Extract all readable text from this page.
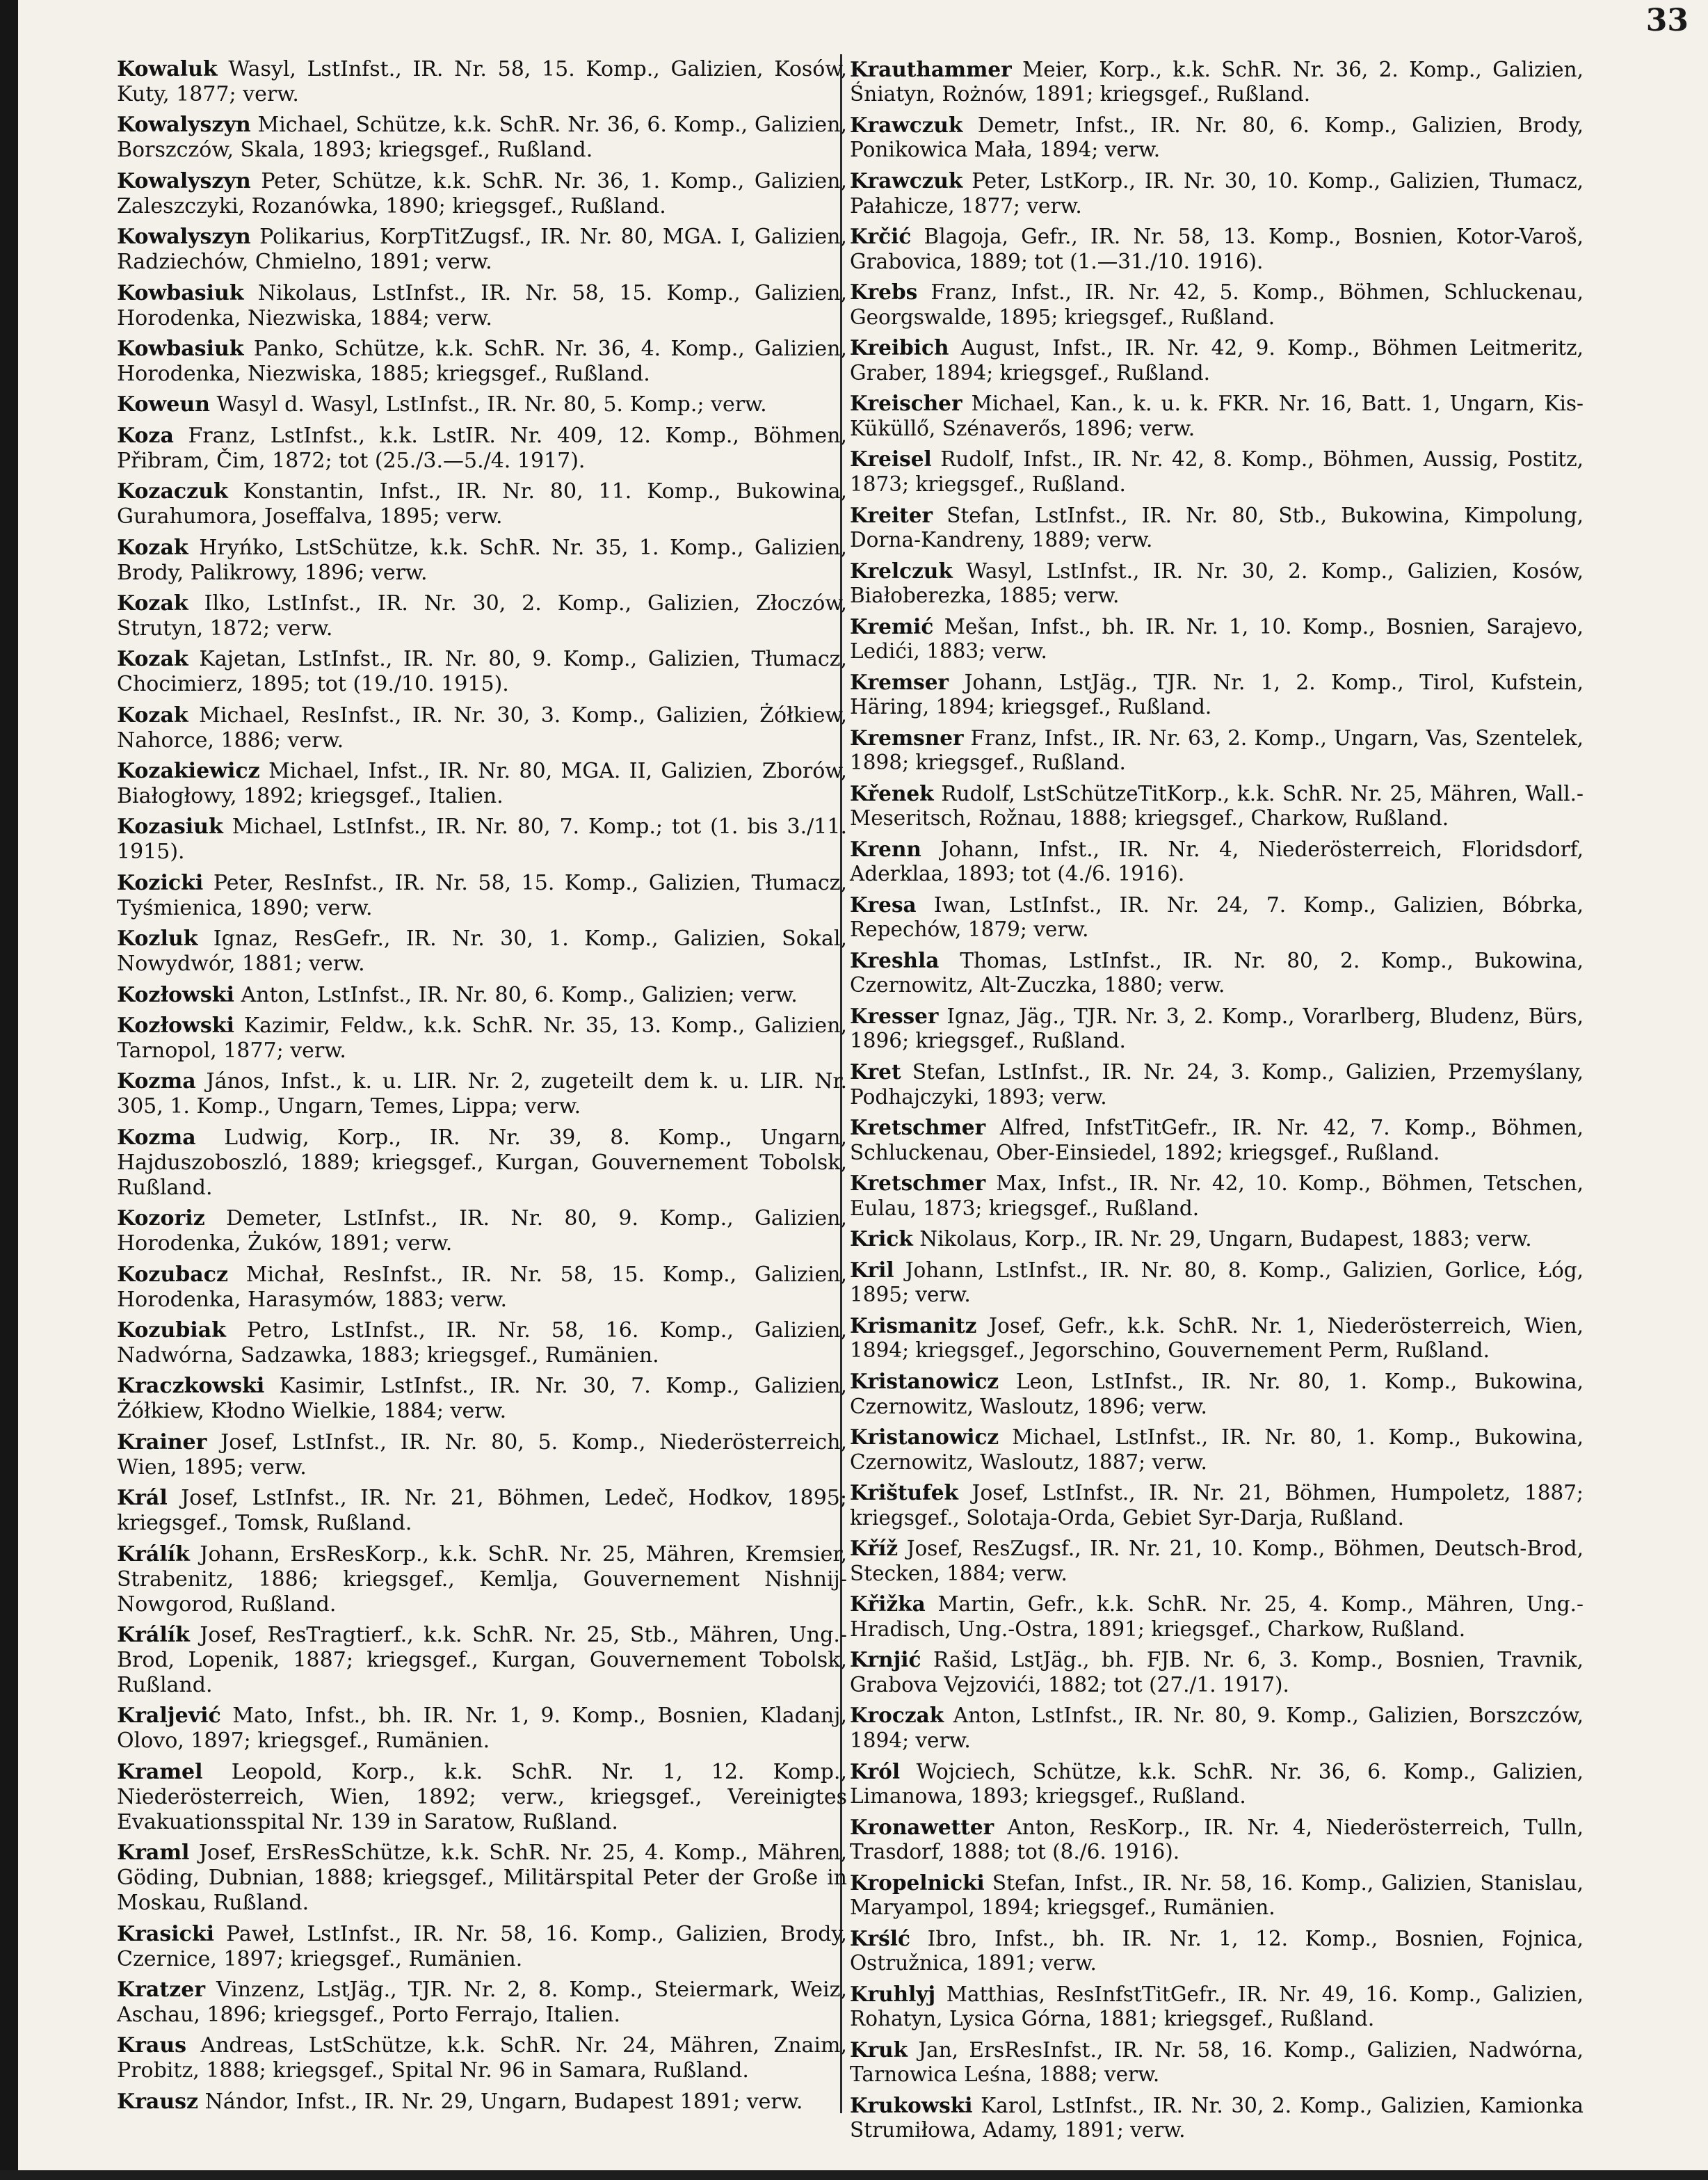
33

Kowaluk Wasyl, LstInfst., IR. Nr. 58, 15. Komp., Galizien, Kosów, Kuty, 1877; verw.

Kowalyszyn Michael, Schütze, k.k. SchR. Nr. 36, 6. Komp., Galizien, Borszczów, Skala, 1893; kriegsgef., Rußland.

Kowalyszyn Peter, Schütze, k.k. SchR. Nr. 36, 1. Komp., Galizien, Zaleszczyki, Rozanówka, 1890; kriegsgef., Rußland.

Kowalyszyn Polikarius, KorpTitZugsf., IR. Nr. 80, MGA. I, Galizien, Radziechów, Chmielno, 1891; verw.

Kowbasiuk Nikolaus, LstInfst., IR. Nr. 58, 15. Komp., Galizien, Horodenka, Niezwiska, 1884; verw.

Kowbasiuk Panko, Schütze, k.k. SchR. Nr. 36, 4. Komp., Galizien, Horodenka, Niezwiska, 1885; kriegsgef., Rußland.

Koweun Wasyl d. Wasyl, LstInfst., IR. Nr. 80, 5. Komp.; verw.

Koza Franz, LstInfst., k.k. LstIR. Nr. 409, 12. Komp., Böhmen, Přibram, Čim, 1872; tot (25./3.—5./4. 1917).

Kozaczuk Konstantin, Infst., IR. Nr. 80, 11. Komp., Bukowina, Gurahumora, Joseffalva, 1895; verw.

Kozak Hryńko, LstSchütze, k.k. SchR. Nr. 35, 1. Komp., Galizien, Brody, Palikrowy, 1896; verw.

Kozak Ilko, LstInfst., IR. Nr. 30, 2. Komp., Galizien, Złoczów, Strutyn, 1872; verw.

Kozak Kajetan, LstInfst., IR. Nr. 80, 9. Komp., Galizien, Tłumacz, Chocimierz, 1895; tot (19./10. 1915).

Kozak Michael, ResInfst., IR. Nr. 30, 3. Komp., Galizien, Żółkiew, Nahorce, 1886; verw.

Kozakiewicz Michael, Infst., IR. Nr. 80, MGA. II, Galizien, Zborów, Białogłowy, 1892; kriegsgef., Italien.

Kozasiuk Michael, LstInfst., IR. Nr. 80, 7. Komp.; tot (1. bis 3./11. 1915).

Kozicki Peter, ResInfst., IR. Nr. 58, 15. Komp., Galizien, Tłumacz, Tyśmienica, 1890; verw.

Kozluk Ignaz, ResGefr., IR. Nr. 30, 1. Komp., Galizien, Sokal, Nowydwór, 1881; verw.

Kozłowski Anton, LstInfst., IR. Nr. 80, 6. Komp., Galizien; verw.

Kozłowski Kazimir, Feldw., k.k. SchR. Nr. 35, 13. Komp., Galizien, Tarnopol, 1877; verw.

Kozma János, Infst., k. u. LIR. Nr. 2, zugeteilt dem k. u. LIR. Nr. 305, 1. Komp., Ungarn, Temes, Lippa; verw.

Kozma Ludwig, Korp., IR. Nr. 39, 8. Komp., Ungarn, Hajduszoboszló, 1889; kriegsgef., Kurgan, Gouvernement Tobolsk, Rußland.

Kozoriz Demeter, LstInfst., IR. Nr. 80, 9. Komp., Galizien, Horodenka, Żuków, 1891; verw.

Kozubacz Michał, ResInfst., IR. Nr. 58, 15. Komp., Galizien, Horodenka, Harasymów, 1883; verw.

Kozubiak Petro, LstInfst., IR. Nr. 58, 16. Komp., Galizien, Nadwórna, Sadzawka, 1883; kriegsgef., Rumänien.

Kraczkowski Kasimir, LstInfst., IR. Nr. 30, 7. Komp., Galizien, Żółkiew, Kłodno Wielkie, 1884; verw.

Krainer Josef, LstInfst., IR. Nr. 80, 5. Komp., Niederösterreich, Wien, 1895; verw.

Král Josef, LstInfst., IR. Nr. 21, Böhmen, Ledeč, Hodkov, 1895; kriegsgef., Tomsk, Rußland.

Králík Johann, ErsResKorp., k.k. SchR. Nr. 25, Mähren, Kremsier, Strabenitz, 1886; kriegsgef., Kemlja, Gouvernement Nishnij-Nowgorod, Rußland.

Králík Josef, ResTragtierf., k.k. SchR. Nr. 25, Stb., Mähren, Ung.-Brod, Lopenik, 1887; kriegsgef., Kurgan, Gouvernement Tobolsk, Rußland.

Kraljević Mato, Infst., bh. IR. Nr. 1, 9. Komp., Bosnien, Kladanj, Olovo, 1897; kriegsgef., Rumänien.

Kramel Leopold, Korp., k.k. SchR. Nr. 1, 12. Komp., Niederösterreich, Wien, 1892; verw., kriegsgef., Vereinigtes Evakuationsspital Nr. 139 in Saratow, Rußland.

Kraml Josef, ErsResSchütze, k.k. SchR. Nr. 25, 4. Komp., Mähren, Göding, Dubnian, 1888; kriegsgef., Militärspital Peter der Große in Moskau, Rußland.

Krasicki Paweł, LstInfst., IR. Nr. 58, 16. Komp., Galizien, Brody, Czernice, 1897; kriegsgef., Rumänien.

Kratzer Vinzenz, LstJäg., TJR. Nr. 2, 8. Komp., Steiermark, Weiz, Aschau, 1896; kriegsgef., Porto Ferrajo, Italien.

Kraus Andreas, LstSchütze, k.k. SchR. Nr. 24, Mähren, Znaim, Probitz, 1888; kriegsgef., Spital Nr. 96 in Samara, Rußland.

Krausz Nándor, Infst., IR. Nr. 29, Ungarn, Budapest 1891; verw.

Krauthammer Meier, Korp., k.k. SchR. Nr. 36, 2. Komp., Galizien, Śniatyn, Rożnów, 1891; kriegsgef., Rußland.

Krawczuk Demetr, Infst., IR. Nr. 80, 6. Komp., Galizien, Brody, Ponikowica Mała, 1894; verw.

Krawczuk Peter, LstKorp., IR. Nr. 30, 10. Komp., Galizien, Tłumacz, Pałahicze, 1877; verw.

Krčić Blagoja, Gefr., IR. Nr. 58, 13. Komp., Bosnien, Kotor-Varoš, Grabovica, 1889; tot (1.—31./10. 1916).

Krebs Franz, Infst., IR. Nr. 42, 5. Komp., Böhmen, Schluckenau, Georgswalde, 1895; kriegsgef., Rußland.

Kreibich August, Infst., IR. Nr. 42, 9. Komp., Böhmen Leitmeritz, Graber, 1894; kriegsgef., Rußland.

Kreischer Michael, Kan., k. u. k. FKR. Nr. 16, Batt. 1, Ungarn, Kis-Küküllő, Szénaverős, 1896; verw.

Kreisel Rudolf, Infst., IR. Nr. 42, 8. Komp., Böhmen, Aussig, Postitz, 1873; kriegsgef., Rußland.

Kreiter Stefan, LstInfst., IR. Nr. 80, Stb., Bukowina, Kimpolung, Dorna-Kandreny, 1889; verw.

Krelczuk Wasyl, LstInfst., IR. Nr. 30, 2. Komp., Galizien, Kosów, Białoberezka, 1885; verw.

Kremić Mešan, Infst., bh. IR. Nr. 1, 10. Komp., Bosnien, Sarajevo, Ledići, 1883; verw.

Kremser Johann, LstJäg., TJR. Nr. 1, 2. Komp., Tirol, Kufstein, Häring, 1894; kriegsgef., Rußland.

Kremsner Franz, Infst., IR. Nr. 63, 2. Komp., Ungarn, Vas, Szentelek, 1898; kriegsgef., Rußland.

Křenek Rudolf, LstSchützeTitKorp., k.k. SchR. Nr. 25, Mähren, Wall.-Meseritsch, Rožnau, 1888; kriegsgef., Charkow, Rußland.

Krenn Johann, Infst., IR. Nr. 4, Niederösterreich, Floridsdorf, Aderklaa, 1893; tot (4./6. 1916).

Kresa Iwan, LstInfst., IR. Nr. 24, 7. Komp., Galizien, Bóbrka, Repechów, 1879; verw.

Kreshla Thomas, LstInfst., IR. Nr. 80, 2. Komp., Bukowina, Czernowitz, Alt-Zuczka, 1880; verw.

Kresser Ignaz, Jäg., TJR. Nr. 3, 2. Komp., Vorarlberg, Bludenz, Bürs, 1896; kriegsgef., Rußland.

Kret Stefan, LstInfst., IR. Nr. 24, 3. Komp., Galizien, Przemyślany, Podhajczyki, 1893; verw.

Kretschmer Alfred, InfstTitGefr., IR. Nr. 42, 7. Komp., Böhmen, Schluckenau, Ober-Einsiedel, 1892; kriegsgef., Rußland.

Kretschmer Max, Infst., IR. Nr. 42, 10. Komp., Böhmen, Tetschen, Eulau, 1873; kriegsgef., Rußland.

Krick Nikolaus, Korp., IR. Nr. 29, Ungarn, Budapest, 1883; verw.

Kril Johann, LstInfst., IR. Nr. 80, 8. Komp., Galizien, Gorlice, Łóg, 1895; verw.

Krismanitz Josef, Gefr., k.k. SchR. Nr. 1, Niederösterreich, Wien, 1894; kriegsgef., Jegorschino, Gouvernement Perm, Rußland.

Kristanowicz Leon, LstInfst., IR. Nr. 80, 1. Komp., Bukowina, Czernowitz, Wasloutz, 1896; verw.

Kristanowicz Michael, LstInfst., IR. Nr. 80, 1. Komp., Bukowina, Czernowitz, Wasloutz, 1887; verw.

Krištufek Josef, LstInfst., IR. Nr. 21, Böhmen, Humpoletz, 1887; kriegsgef., Solotaja-Orda, Gebiet Syr-Darja, Rußland.

Kříž Josef, ResZugsf., IR. Nr. 21, 10. Komp., Böhmen, Deutsch-Brod, Stecken, 1884; verw.

Křižka Martin, Gefr., k.k. SchR. Nr. 25, 4. Komp., Mähren, Ung.-Hradisch, Ung.-Ostra, 1891; kriegsgef., Charkow, Rußland.

Krnjić Rašid, LstJäg., bh. FJB. Nr. 6, 3. Komp., Bosnien, Travnik, Grabova Vejzovići, 1882; tot (27./1. 1917).

Kroczak Anton, LstInfst., IR. Nr. 80, 9. Komp., Galizien, Borszczów, 1894; verw.

Król Wojciech, Schütze, k.k. SchR. Nr. 36, 6. Komp., Galizien, Limanowa, 1893; kriegsgef., Rußland.

Kronawetter Anton, ResKorp., IR. Nr. 4, Niederösterreich, Tulln, Trasdorf, 1888; tot (8./6. 1916).

Kropelnicki Stefan, Infst., IR. Nr. 58, 16. Komp., Galizien, Stanislau, Maryampol, 1894; kriegsgef., Rumänien.

Krślć Ibro, Infst., bh. IR. Nr. 1, 12. Komp., Bosnien, Fojnica, Ostružnica, 1891; verw.

Kruhlyj Matthias, ResInfstTitGefr., IR. Nr. 49, 16. Komp., Galizien, Rohatyn, Lysica Górna, 1881; kriegsgef., Rußland.

Kruk Jan, ErsResInfst., IR. Nr. 58, 16. Komp., Galizien, Nadwórna, Tarnowica Leśna, 1888; verw.

Krukowski Karol, LstInfst., IR. Nr. 30, 2. Komp., Galizien, Kamionka Strumiłowa, Adamy, 1891; verw.
